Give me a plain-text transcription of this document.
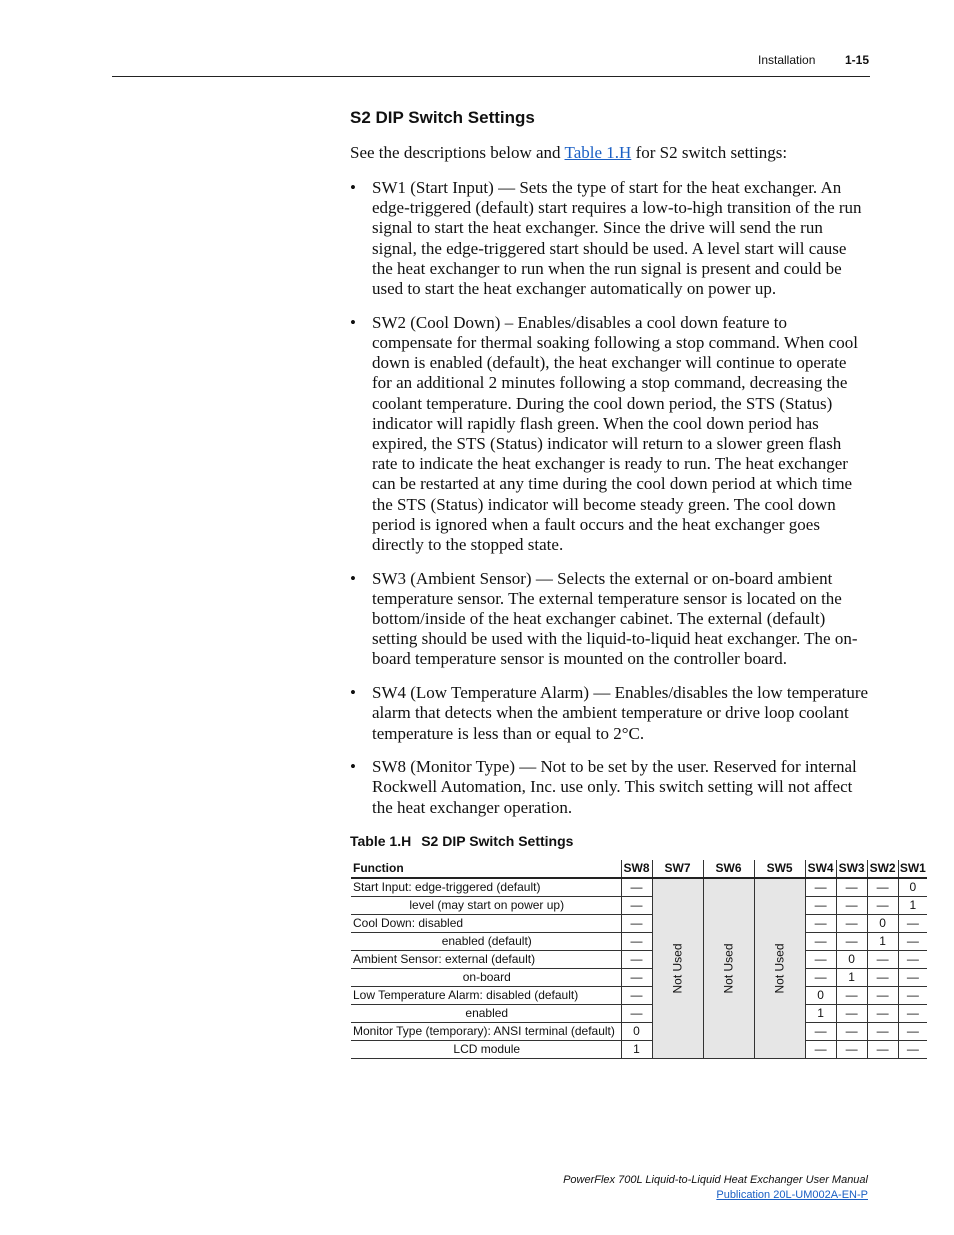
Installation 1-15
S2 DIP Switch Settings
See the descriptions below and Table 1.H for S2 switch settings:
• SW1 (Start Input) — Sets the type of start for the heat exchanger. An edge-triggered (default) start requires a low-to-high transition of the run signal to start the heat exchanger. Since the drive will send the run signal, the edge-triggered start should be used. A level start will cause the heat exchanger to run when the run signal is present and could be used to start the heat exchanger automatically on power up.
• SW2 (Cool Down) – Enables/disables a cool down feature to compensate for thermal soaking following a stop command. When cool down is enabled (default), the heat exchanger will continue to operate for an additional 2 minutes following a stop command, decreasing the coolant temperature. During the cool down period, the STS (Status) indicator will rapidly flash green. When the cool down period has expired, the STS (Status) indicator will return to a slower green flash rate to indicate the heat exchanger is ready to run. The heat exchanger can be restarted at any time during the cool down period at which time the STS (Status) indicator will become steady green. The cool down period is ignored when a fault occurs and the heat exchanger goes directly to the stopped state.
• SW3 (Ambient Sensor) — Selects the external or on-board ambient temperature sensor. The external temperature sensor is located on the bottom/inside of the heat exchanger cabinet. The external (default) setting should be used with the liquid-to-liquid heat exchanger. The on-board temperature sensor is mounted on the controller board.
• SW4 (Low Temperature Alarm) — Enables/disables the low temperature alarm that detects when the ambient temperature or drive loop coolant temperature is less than or equal to 2°C.
• SW8 (Monitor Type) — Not to be set by the user. Reserved for internal Rockwell Automation, Inc. use only. This switch setting will not affect the heat exchanger operation.
Table 1.H S2 DIP Switch Settings
Function	SW8	SW7	SW6	SW5	SW4	SW3	SW2	SW1
Start Input: edge-triggered (default)	—	Not Used	Not Used	Not Used	—	—	—	0
level (may start on power up)	—				—	—	—	1
Cool Down: disabled	—				—	—	0	—
enabled (default)	—				—	—	1	—
Ambient Sensor: external (default)	—				—	0	—	—
on-board	—				—	1	—	—
Low Temperature Alarm: disabled (default)	—				0	—	—	—
enabled	—				1	—	—	—
Monitor Type (temporary): ANSI terminal (default)	0				—	—	—	—
LCD module	1				—	—	—	—
PowerFlex 700L Liquid-to-Liquid Heat Exchanger User Manual
Publication 20L-UM002A-EN-P
